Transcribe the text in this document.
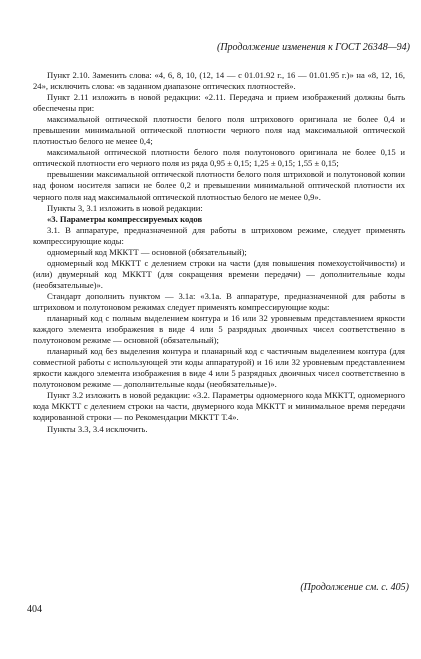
(Продолжение изменения к ГОСТ 26348—94)

Пункт 2.10. Заменить слова: «4, 6, 8, 10, (12, 14 — с 01.01.92 г., 16 — 01.01.95 г.)» на «8, 12, 16, 24», исключить слова: «в заданном диапазоне оптических плотностей».

Пункт 2.11 изложить в новой редакции: «2.11. Передача и прием изображений должны быть обеспечены при:

максимальной оптической плотности белого поля штрихового оригинала не более 0,4 и превышении минимальной оптической плотности черного поля над максимальной оптической плотностью белого не менее 0,4;

максимальной оптической плотности белого поля полутонового оригинала не более 0,15 и оптической плотности его черного поля из ряда 0,95 ± 0,15; 1,25 ± 0,15; 1,55 ± 0,15;

превышении максимальной оптической плотности белого поля штриховой и полутоновой копии над фоном носителя записи не более 0,2 и превышении минимальной оптической плотности их черного поля над максимальной оптической плотностью белого не менее 0,9».

Пункты 3, 3.1 изложить в новой редакции:

«3. Параметры компрессируемых кодов

3.1. В аппаратуре, предназначенной для работы в штриховом режиме, следует применять компрессирующие коды:

одномерный код МККТТ — основной (обязательный);

одномерный код МККТТ с делением строки на части (для повышения помехоустойчивости) и (или) двумерный код МККТТ (для сокращения времени передачи) — дополнительные коды (необязательные)».

Стандарт дополнить пунктом — 3.1а: «3.1а. В аппаратуре, предназначенной для работы в штриховом и полутоновом режимах следует применять компрессирующие коды:

планарный код с полным выделением контура и 16 или 32 уровневым представлением яркости каждого элемента изображения в виде 4 или 5 разрядных двоичных чисел соответственно в полутоновом режиме — основной (обязательный);

планарный код без выделения контура и планарный код с частичным выделением контура (для совместной работы с использующей эти коды аппаратурой) и 16 или 32 уровневым представлением яркости каждого элемента изображения в виде 4 или 5 разрядных двоичных чисел соответственно в полутоновом режиме — дополнительные коды (необязательные)».

Пункт 3.2 изложить в новой редакции: «3.2. Параметры одномерного кода МККТТ, одномерного кода МККТТ с делением строки на части, двумерного кода МККТТ и минимальное время передачи кодированной строки — по Рекомендации МККТТ Т.4».

Пункты 3.3, 3.4 исключить.

(Продолжение см. с. 405)
404
